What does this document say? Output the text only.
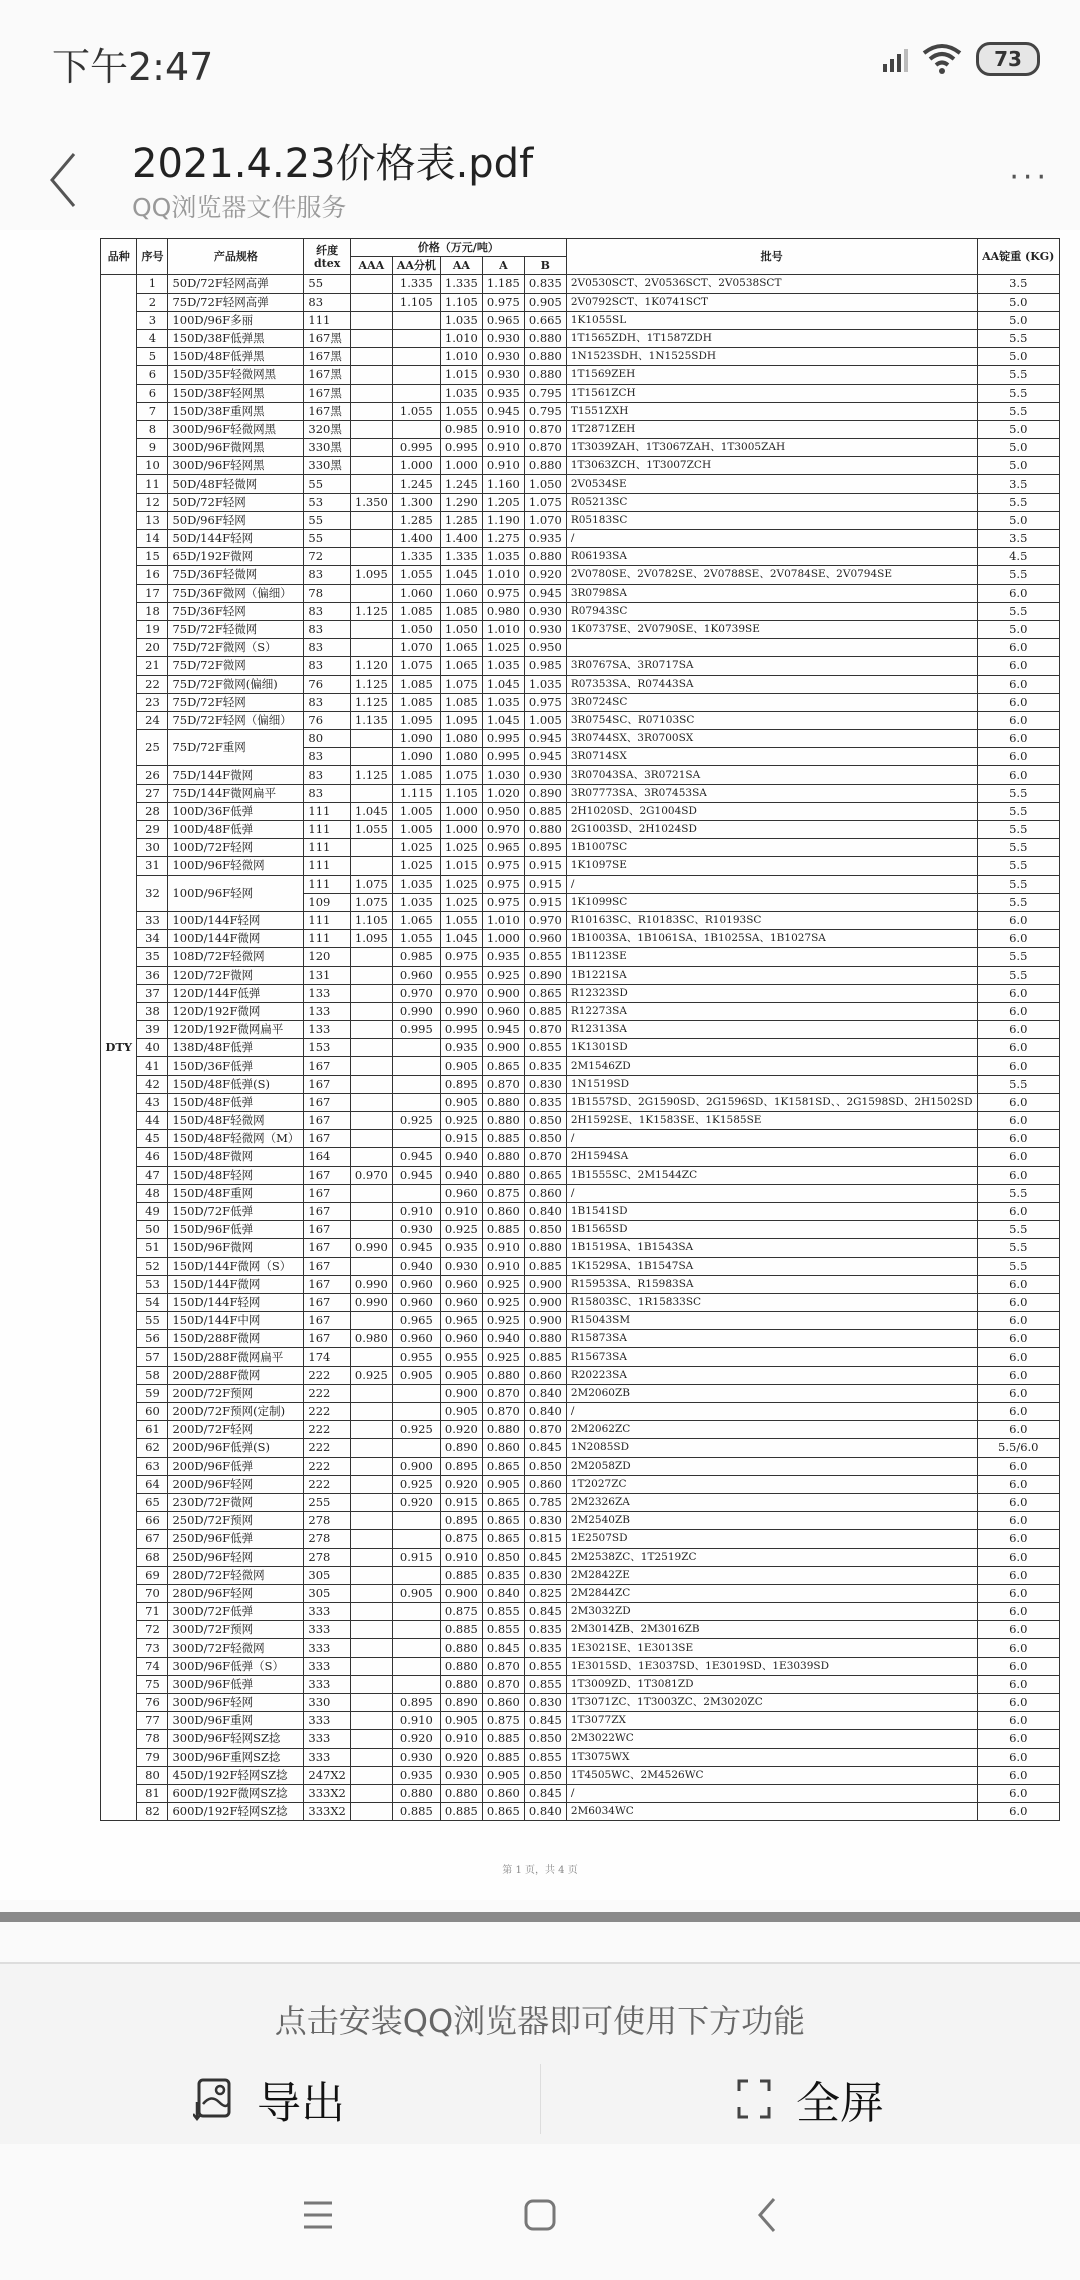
下午2:47	73
2021.4.23价格表.pdf
QQ浏览器文件服务
···
品种	序号	产品规格	纤度 dtex	价格（万元/吨）					批号	AA锭重 (KG)
				AAA	AA分机	AA	A	B		
DTY	1	50D/72F轻网高弹	55		1.335	1.335	1.185	0.835	2V0530SCT、2V0536SCT、2V0538SCT	3.5
	2	75D/72F轻网高弹	83		1.105	1.105	0.975	0.905	2V0792SCT、1K0741SCT	5.0
	3	100D/96F多丽	111			1.035	0.965	0.665	1K1055SL	5.0
	4	150D/38F低弹黑	167黑			1.010	0.930	0.880	1T1565ZDH、1T1587ZDH	5.5
	5	150D/48F低弹黑	167黑			1.010	0.930	0.880	1N1523SDH、1N1525SDH	5.0
	6	150D/35F轻微网黑	167黑			1.015	0.930	0.880	1T1569ZEH	5.5
	6	150D/38F轻网黑	167黑			1.035	0.935	0.795	1T1561ZCH	5.5
	7	150D/38F重网黑	167黑		1.055	1.055	0.945	0.795	T1551ZXH	5.5
	8	300D/96F轻微网黑	320黑			0.985	0.910	0.870	1T2871ZEH	5.0
	9	300D/96F微网黑	330黑		0.995	0.995	0.910	0.870	1T3039ZAH、1T3067ZAH、1T3005ZAH	5.0
	10	300D/96F轻网黑	330黑		1.000	1.000	0.910	0.880	1T3063ZCH、1T3007ZCH	5.0
	11	50D/48F轻微网	55		1.245	1.245	1.160	1.050	2V0534SE	3.5
	12	50D/72F轻网	53	1.350	1.300	1.290	1.205	1.075	R05213SC	5.5
	13	50D/96F轻网	55		1.285	1.285	1.190	1.070	R05183SC	5.0
	14	50D/144F轻网	55		1.400	1.400	1.275	0.935	/	3.5
	15	65D/192F微网	72		1.335	1.335	1.035	0.880	R06193SA	4.5
	16	75D/36F轻微网	83	1.095	1.055	1.045	1.010	0.920	2V0780SE、2V0782SE、2V0788SE、2V0784SE、2V0794SE	5.5
	17	75D/36F微网（偏细）	78		1.060	1.060	0.975	0.945	3R0798SA	6.0
	18	75D/36F轻网	83	1.125	1.085	1.085	0.980	0.930	R07943SC	5.5
	19	75D/72F轻微网	83		1.050	1.050	1.010	0.930	1K0737SE、2V0790SE、1K0739SE	5.0
	20	75D/72F微网（S）	83		1.070	1.065	1.025	0.950		6.0
	21	75D/72F微网	83	1.120	1.075	1.065	1.035	0.985	3R0767SA、3R0717SA	6.0
	22	75D/72F微网(偏细)	76	1.125	1.085	1.075	1.045	1.035	R07353SA、R07443SA	6.0
	23	75D/72F轻网	83	1.125	1.085	1.085	1.035	0.975	3R0724SC	6.0
	24	75D/72F轻网（偏细）	76	1.135	1.095	1.095	1.045	1.005	3R0754SC、R07103SC	6.0
	25	75D/72F重网	80		1.090	1.080	0.995	0.945	3R0744SX、3R0700SX	6.0
			83		1.090	1.080	0.995	0.945	3R0714SX	6.0
	26	75D/144F微网	83	1.125	1.085	1.075	1.030	0.930	3R07043SA、3R0721SA	6.0
	27	75D/144F微网扁平	83		1.115	1.105	1.020	0.890	3R07773SA、3R07453SA	5.5
	28	100D/36F低弹	111	1.045	1.005	1.000	0.950	0.885	2H1020SD、2G1004SD	5.5
	29	100D/48F低弹	111	1.055	1.005	1.000	0.970	0.880	2G1003SD、2H1024SD	5.5
	30	100D/72F轻网	111		1.025	1.025	0.965	0.895	1B1007SC	5.5
	31	100D/96F轻微网	111		1.025	1.015	0.975	0.915	1K1097SE	5.5
	32	100D/96F轻网	111	1.075	1.035	1.025	0.975	0.915	/	5.5
			109	1.075	1.035	1.025	0.975	0.915	1K1099SC	5.5
	33	100D/144F轻网	111	1.105	1.065	1.055	1.010	0.970	R10163SC、R10183SC、R10193SC	6.0
	34	100D/144F微网	111	1.095	1.055	1.045	1.000	0.960	1B1003SA、1B1061SA、1B1025SA、1B1027SA	6.0
	35	108D/72F轻微网	120		0.985	0.975	0.935	0.855	1B1123SE	5.5
	36	120D/72F微网	131		0.960	0.955	0.925	0.890	1B1221SA	5.5
	37	120D/144F低弹	133		0.970	0.970	0.900	0.865	R12323SD	6.0
	38	120D/192F微网	133		0.990	0.990	0.960	0.885	R12273SA	6.0
	39	120D/192F微网扁平	133		0.995	0.995	0.945	0.870	R12313SA	6.0
	40	138D/48F低弹	153			0.935	0.900	0.855	1K1301SD	6.0
	41	150D/36F低弹	167			0.905	0.865	0.835	2M1546ZD	6.0
	42	150D/48F低弹(S)	167			0.895	0.870	0.830	1N1519SD	5.5
	43	150D/48F低弹	167			0.905	0.880	0.835	1B1557SD、2G1590SD、2G1596SD、1K1581SD、、2G1598SD、2H1502SD	6.0
	44	150D/48F轻微网	167		0.925	0.925	0.880	0.850	2H1592SE、1K1583SE、1K1585SE	6.0
	45	150D/48F轻微网（M）	167			0.915	0.885	0.850	/	6.0
	46	150D/48F微网	164		0.945	0.940	0.880	0.870	2H1594SA	6.0
	47	150D/48F轻网	167	0.970	0.945	0.940	0.880	0.865	1B1555SC、2M1544ZC	6.0
	48	150D/48F重网	167			0.960	0.875	0.860	/	5.5
	49	150D/72F低弹	167		0.910	0.910	0.860	0.840	1B1541SD	6.0
	50	150D/96F低弹	167		0.930	0.925	0.885	0.850	1B1565SD	5.5
	51	150D/96F微网	167	0.990	0.945	0.935	0.910	0.880	1B1519SA、1B1543SA	5.5
	52	150D/144F微网（S）	167		0.940	0.930	0.910	0.885	1K1529SA、1B1547SA	5.5
	53	150D/144F微网	167	0.990	0.960	0.960	0.925	0.900	R15953SA、R15983SA	6.0
	54	150D/144F轻网	167	0.990	0.960	0.960	0.925	0.900	R15803SC、1R15833SC	6.0
	55	150D/144F中网	167		0.965	0.965	0.925	0.900	R15043SM	6.0
	56	150D/288F微网	167	0.980	0.960	0.960	0.940	0.880	R15873SA	6.0
	57	150D/288F微网扁平	174		0.955	0.955	0.925	0.885	R15673SA	6.0
	58	200D/288F微网	222	0.925	0.905	0.905	0.880	0.860	R20223SA	6.0
	59	200D/72F预网	222			0.900	0.870	0.840	2M2060ZB	6.0
	60	200D/72F预网(定制)	222			0.905	0.870	0.840	/	6.0
	61	200D/72F轻网	222		0.925	0.920	0.880	0.870	2M2062ZC	6.0
	62	200D/96F低弹(S)	222			0.890	0.860	0.845	1N2085SD	5.5/6.0
	63	200D/96F低弹	222		0.900	0.895	0.865	0.850	2M2058ZD	6.0
	64	200D/96F轻网	222		0.925	0.920	0.905	0.860	1T2027ZC	6.0
	65	230D/72F微网	255		0.920	0.915	0.865	0.785	2M2326ZA	6.0
	66	250D/72F预网	278			0.895	0.865	0.830	2M2540ZB	6.0
	67	250D/96F低弹	278			0.875	0.865	0.815	1E2507SD	6.0
	68	250D/96F轻网	278		0.915	0.910	0.850	0.845	2M2538ZC、1T2519ZC	6.0
	69	280D/72F轻微网	305			0.885	0.835	0.830	2M2842ZE	6.0
	70	280D/96F轻网	305		0.905	0.900	0.840	0.825	2M2844ZC	6.0
	71	300D/72F低弹	333			0.875	0.855	0.845	2M3032ZD	6.0
	72	300D/72F预网	333			0.885	0.855	0.835	2M3014ZB、2M3016ZB	6.0
	73	300D/72F轻微网	333			0.880	0.845	0.835	1E3021SE、1E3013SE	6.0
	74	300D/96F低弹（S）	333			0.880	0.870	0.855	1E3015SD、1E3037SD、1E3019SD、1E3039SD	6.0
	75	300D/96F低弹	333			0.880	0.870	0.855	1T3009ZD、1T3081ZD	6.0
	76	300D/96F轻网	330		0.895	0.890	0.860	0.830	1T3071ZC、1T3003ZC、2M3020ZC	6.0
	77	300D/96F重网	333		0.910	0.905	0.875	0.845	1T3077ZX	6.0
	78	300D/96F轻网SZ捻	333		0.920	0.910	0.885	0.850	2M3022WC	6.0
	79	300D/96F重网SZ捻	333		0.930	0.920	0.885	0.855	1T3075WX	6.0
	80	450D/192F轻网SZ捻	247X2		0.935	0.930	0.905	0.850	1T4505WC、2M4526WC	6.0
	81	600D/192F微网SZ捻	333X2		0.880	0.880	0.860	0.845	/	6.0
	82	600D/192F轻网SZ捻	333X2		0.885	0.885	0.865	0.840	2M6034WC	6.0
第 1 页，共 4 页
点击安装QQ浏览器即可使用下方功能
导出	全屏
